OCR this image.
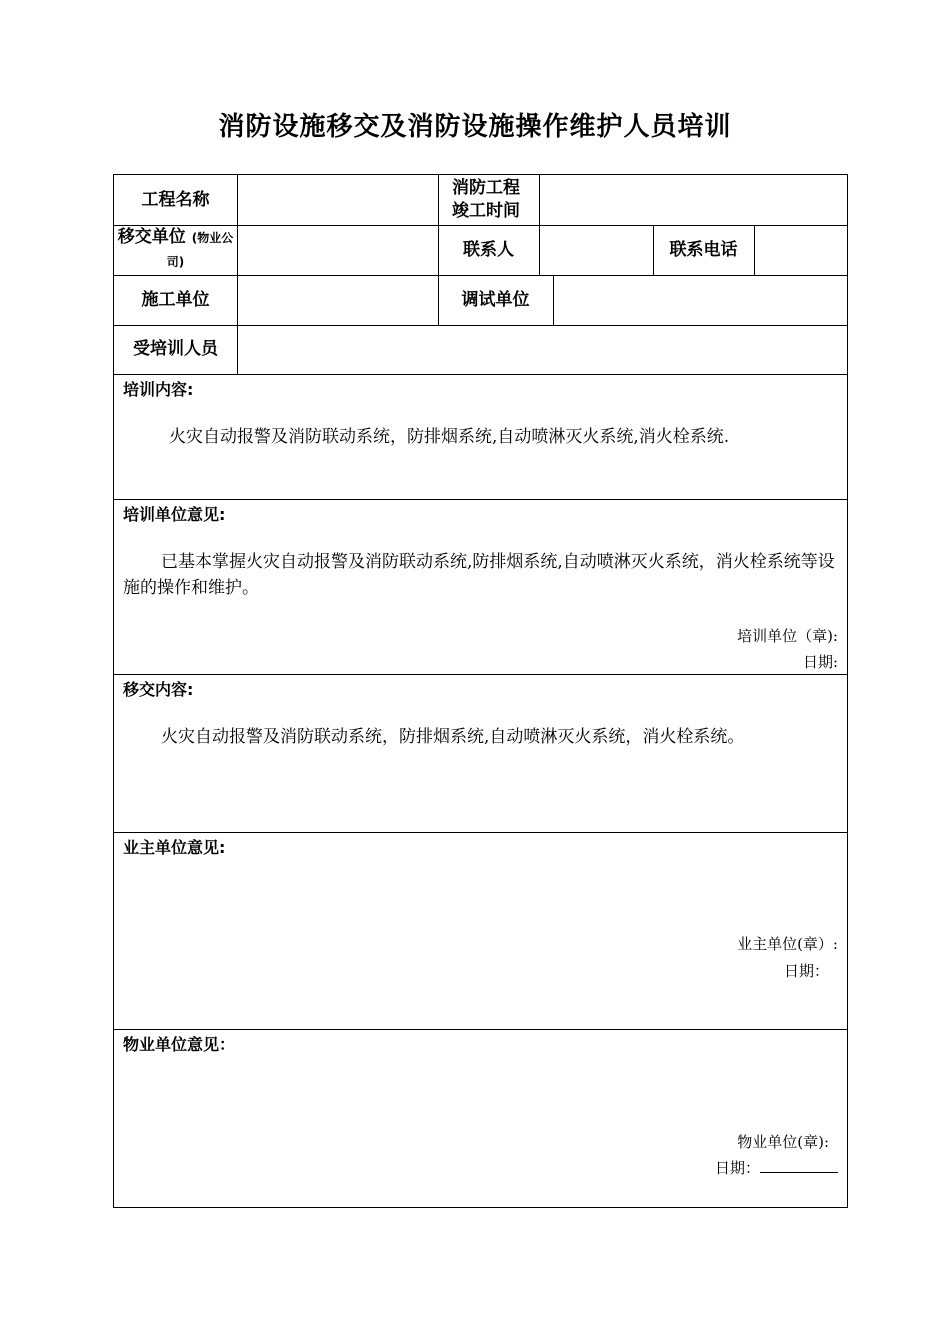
消防设施移交及消防设施操作维护人员培训
工程名称
消防工程竣工时间
移交单位 (物业公司)
联系人	联系电话
施工单位	调试单位
受培训人员
培训内容:
火灾自动报警及消防联动系统，防排烟系统,自动喷淋灭火系统,消火栓系统.
培训单位意见:
已基本掌握火灾自动报警及消防联动系统,防排烟系统,自动喷淋灭火系统，消火栓系统等设施的操作和维护。
培训单位（章):
日期:
移交内容:
火灾自动报警及消防联动系统，防排烟系统,自动喷淋灭火系统，消火栓系统。
业主单位意见:
业主单位(章）:
日期：
物业单位意见：
物业单位(章):
日期：
